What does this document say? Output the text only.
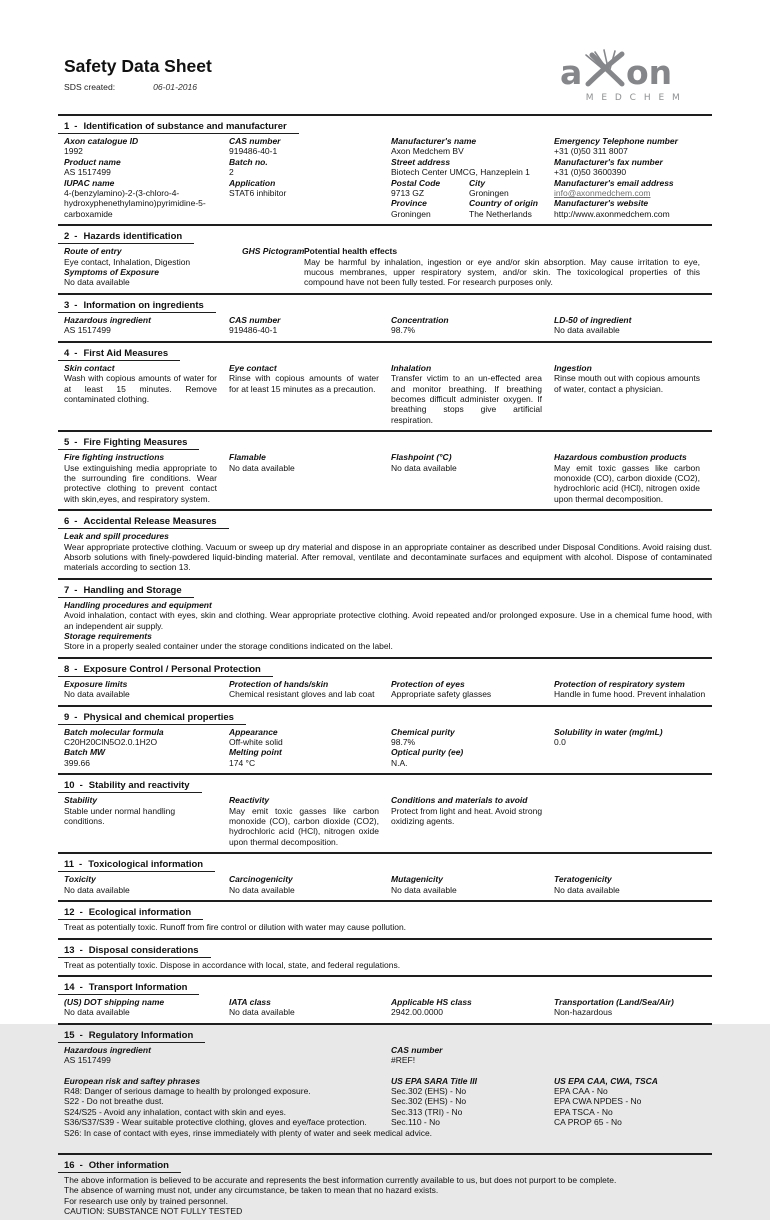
Safety Data Sheet
SDS created:	06-01-2016	a on
M E D C H E M
1 - Identification of substance and manufacturer
Axon catalogue ID
1992
Product name
AS 1517499
IUPAC name
4-(benzylamino)-2-(3-chloro-4-hydroxyphenethylamino)pyrimidine-5-carboxamide
CAS number
919486-40-1
Batch no.
2
Application
STAT6 inhibitor
Manufacturer's name
Axon Medchem BV
Street address
Biotech Center UMCG, Hanzeplein 1
Postal Code
9713 GZ
City
Groningen
Province
Groningen
Country of origin
The Netherlands
Emergency Telephone number
+31 (0)50 311 8007
Manufacturer's fax number
+31 (0)50 3600390
Manufacturer's email address
info@axonmedchem.com
Manufacturer's website
http://www.axonmedchem.com
2 - Hazards identification
Route of entry
Eye contact, Inhalation, Digestion
Symptoms of Exposure
No data available
GHS Pictogram Potential health effects
May be harmful by inhalation, ingestion or eye and/or skin absorption. May cause irritation to eye, mucous membranes, upper respiratory system, and/or skin. The toxicological properties of this compound have not been fully tested. For research purposes only.
3 - Information on ingredients
Hazardous ingredient
AS 1517499
CAS number
919486-40-1
Concentration
98.7%
LD-50 of ingredient
No data available
4 - First Aid Measures
Skin contact
Wash with copious amounts of water for at least 15 minutes. Remove contaminated clothing.
Eye contact
Rinse with copious amounts of water for at least 15 minutes as a precaution.
Inhalation
Transfer victim to an un-effected area and monitor breathing. If breathing becomes difficult administer oxygen. If breathing stops give artificial respiration.
Ingestion
Rinse mouth out with copious amounts of water, contact a physician.
5 - Fire Fighting Measures
Fire fighting instructions
Use extinguishing media appropriate to the surrounding fire conditions. Wear protective clothing to prevent contact with skin,eyes, and respiratory system.
Flamable
No data available
Flashpoint (°C)
No data available
Hazardous combustion products
May emit toxic gasses like carbon monoxide (CO), carbon dioxide (CO2), hydrochloric acid (HCl), nitrogen oxide upon thermal decomposition.
6 - Accidental Release Measures
Leak and spill procedures
Wear appropriate protective clothing. Vacuum or sweep up dry material and dispose in an appropriate container as described under Disposal Conditions. Avoid raising dust. Absorb solutions with finely-powdered liquid-binding material. After removal, ventilate and decontaminate surfaces and equipment with alcohol. Dispose of contaminated materials according to section 13.
7 - Handling and Storage
Handling procedures and equipment
Avoid inhalation, contact with eyes, skin and clothing. Wear appropriate protective clothing. Avoid repeated and/or prolonged exposure. Use in a chemical fume hood, with an independent air supply.
Storage requirements
Store in a properly sealed container under the storage conditions indicated on the label.
8 - Exposure Control / Personal Protection
Exposure limits
No data available
Protection of hands/skin
Chemical resistant gloves and lab coat
Protection of eyes
Appropriate safety glasses
Protection of respiratory system
Handle in fume hood. Prevent inhalation
9 - Physical and chemical properties
Batch molecular formula
C20H20ClN5O2.0.1H2O
Batch MW
399.66
Appearance
Off-white solid
Melting point
174 °C
Chemical purity
98.7%
Optical purity (ee)
N.A.
Solubility in water (mg/mL)
0.0
10 - Stability and reactivity
Stability
Stable under normal handling conditions.
Reactivity
May emit toxic gasses like carbon monoxide (CO), carbon dioxide (CO2), hydrochloric acid (HCl), nitrogen oxide upon thermal decomposition.
Conditions and materials to avoid
Protect from light and heat. Avoid strong oxidizing agents.
11 - Toxicological information
Toxicity
No data available
Carcinogenicity
No data available
Mutagenicity
No data available
Teratogenicity
No data available
12 - Ecological information
Treat as potentially toxic. Runoff from fire control or dilution with water may cause pollution.
13 - Disposal considerations
Treat as potentially toxic. Dispose in accordance with local, state, and federal regulations.
14 - Transport Information
(US) DOT shipping name
No data available
IATA class
No data available
Applicable HS class
2942.00.0000
Transportation (Land/Sea/Air)
Non-hazardous
15 - Regulatory Information
Hazardous ingredient
AS 1517499
CAS number
#REF!
European risk and saftey phrases
R48: Danger of serious damage to health by prolonged exposure.
S22 - Do not breathe dust.
S24/S25 - Avoid any inhalation, contact with skin and eyes.
S36/S37/S39 - Wear suitable protective clothing, gloves and eye/face protection.
S26: In case of contact with eyes, rinse immediately with plenty of water and seek medical advice.
US EPA SARA Title III
Sec.302 (EHS) - No
Sec.302 (EHS) - No
Sec.313 (TRI) - No
Sec.110 - No
US EPA CAA, CWA, TSCA
EPA CAA - No
EPA CWA NPDES - No
EPA TSCA - No
CA PROP 65 - No
16 - Other information
The above information is believed to be accurate and represents the best information currently available to us, but does not purport to be complete.
The absence of warning must not, under any circumstance, be taken to mean that no hazard exists.
For research use only by trained personnel.
CAUTION: SUBSTANCE NOT FULLY TESTED
